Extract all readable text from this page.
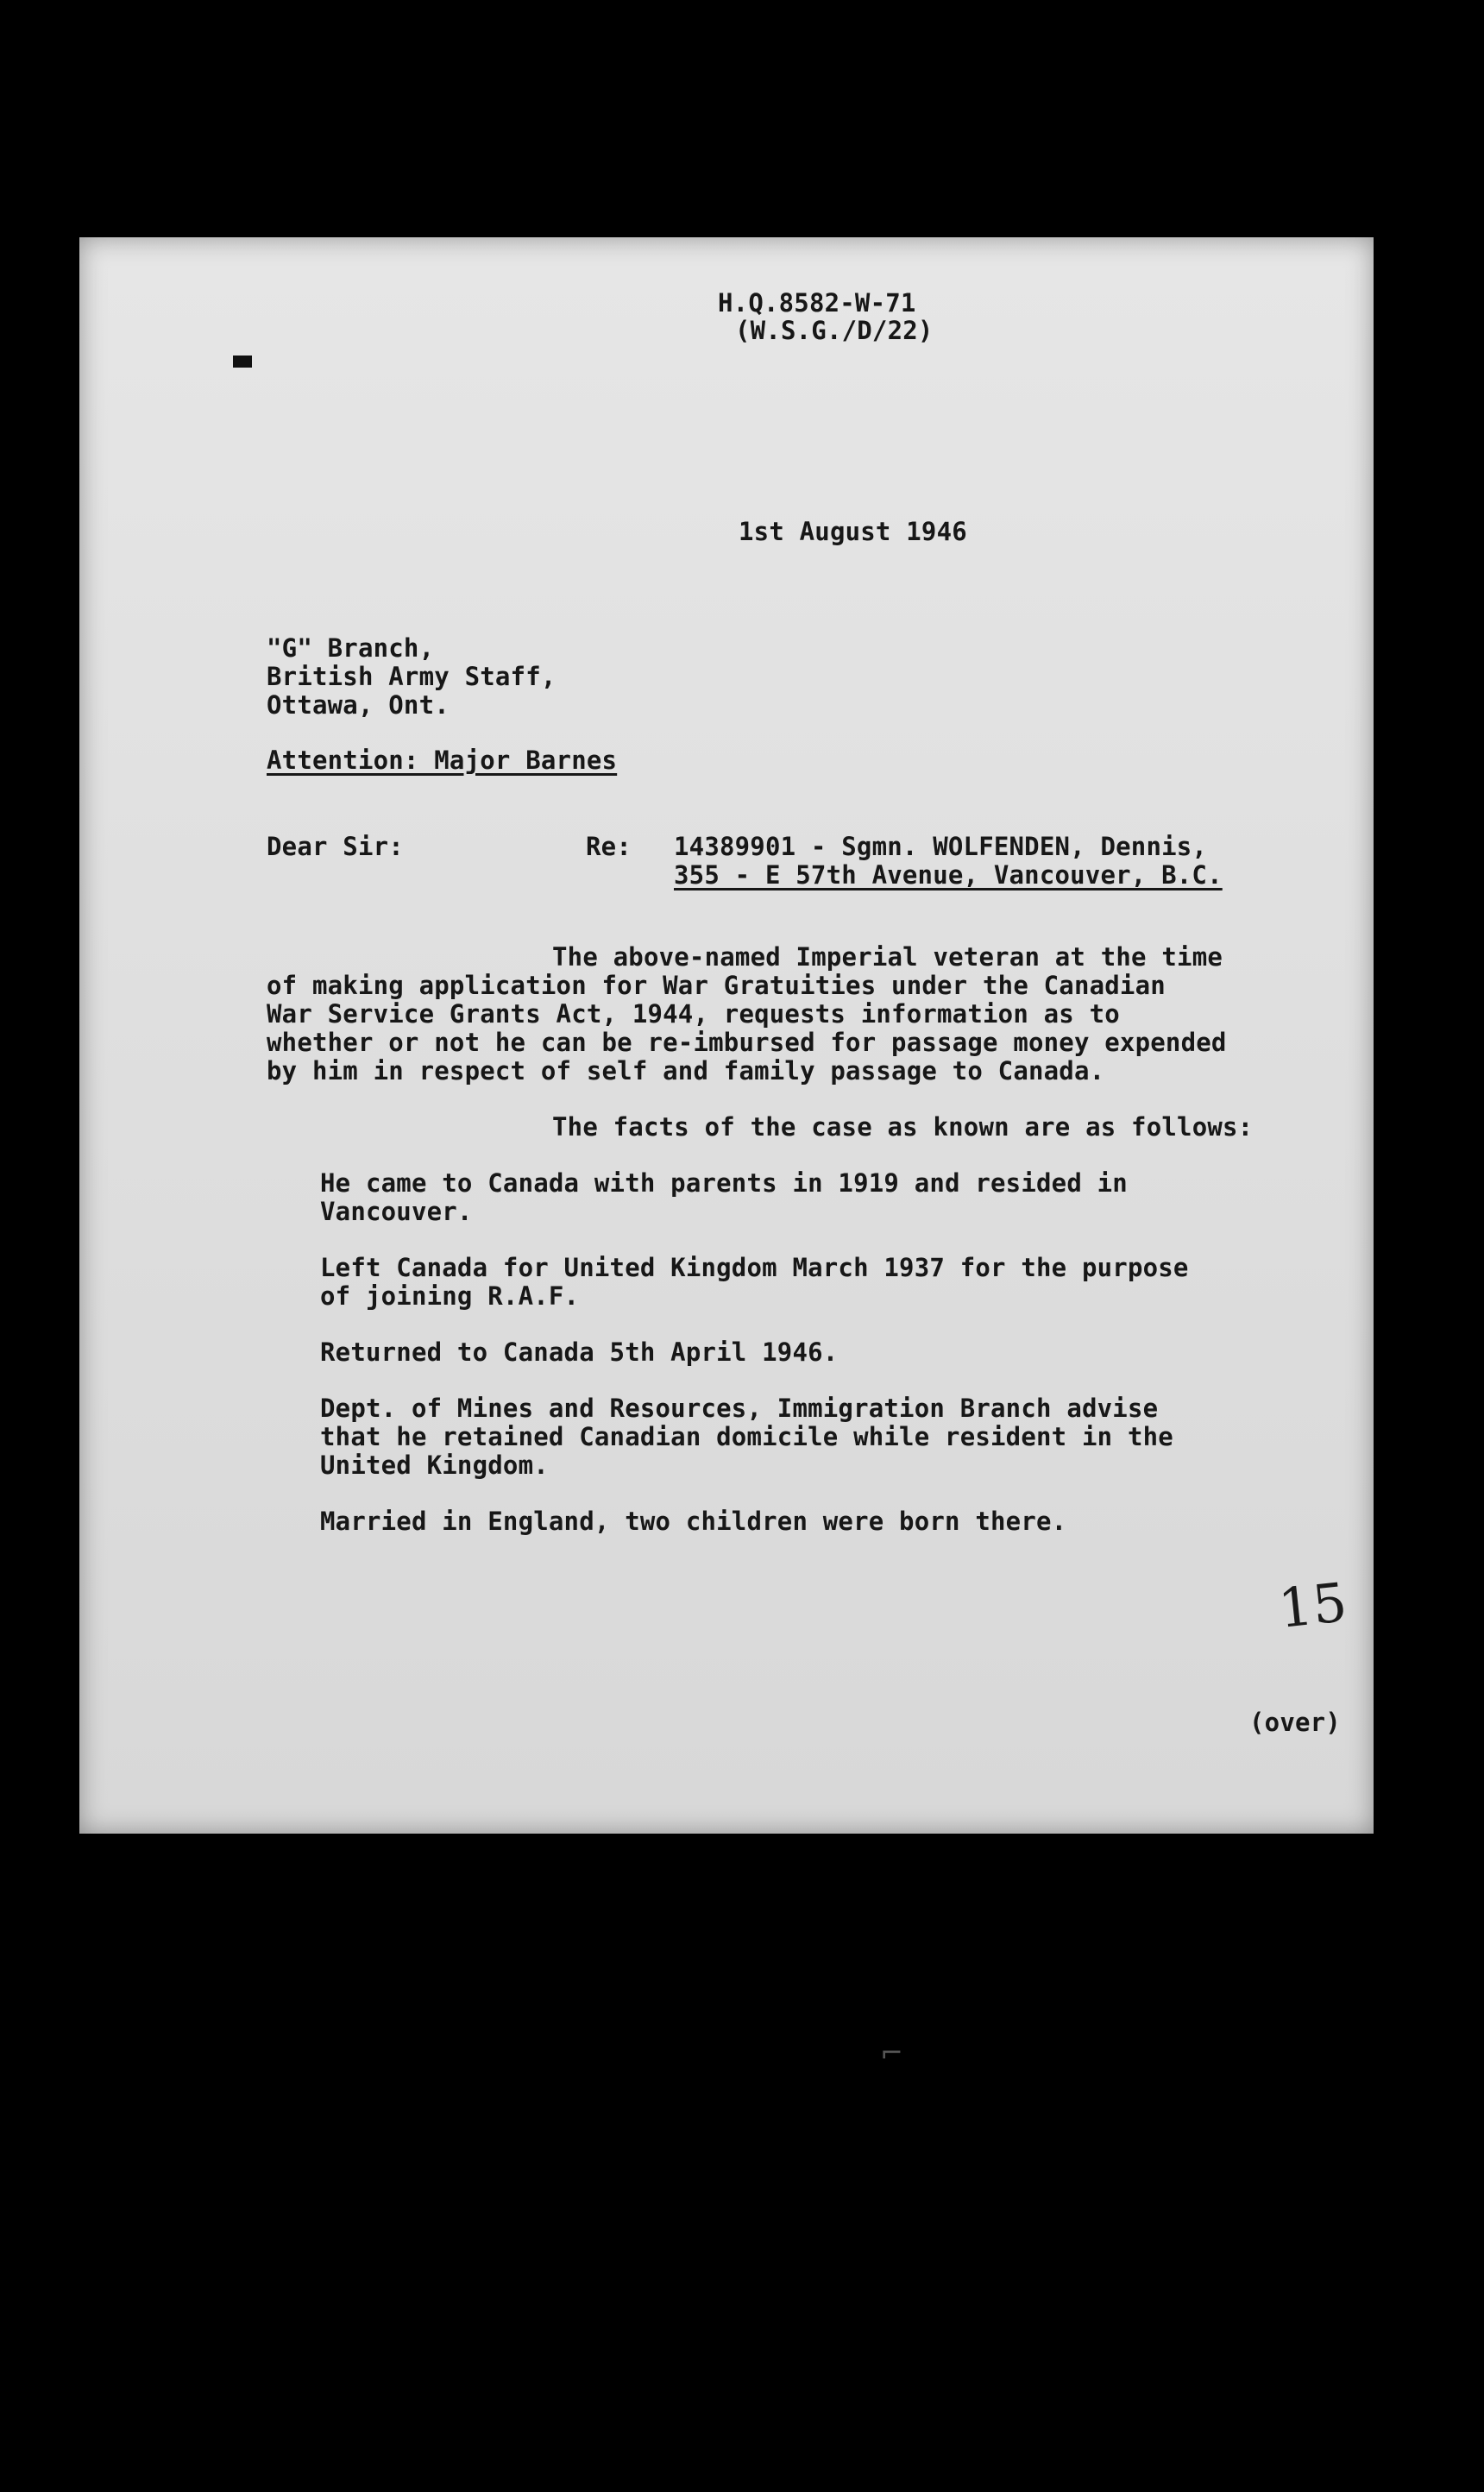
H.Q.8582-W-71

(W.S.G./D/22)

1st August 1946

"G" Branch,

British Army Staff,

Ottawa, Ont.

Attention: Major Barnes

Dear Sir:	Re: 14389901 - Sgmn. WOLFENDEN, Dennis,

355 - E 57th Avenue, Vancouver, B.C.

The above-named Imperial veteran at the time

of making application for War Gratuities under the Canadian

War Service Grants Act, 1944, requests information as to

whether or not he can be re-imbursed for passage money expended

by him in respect of self and family passage to Canada.

The facts of the case as known are as follows:

He came to Canada with parents in 1919 and resided in

Vancouver.

Left Canada for United Kingdom March 1937 for the purpose

of joining R.A.F.

Returned to Canada 5th April 1946.

Dept. of Mines and Resources, Immigration Branch advise

that he retained Canadian domicile while resident in the

United Kingdom.

Married in England, two children were born there.

15

(over)

⌐
